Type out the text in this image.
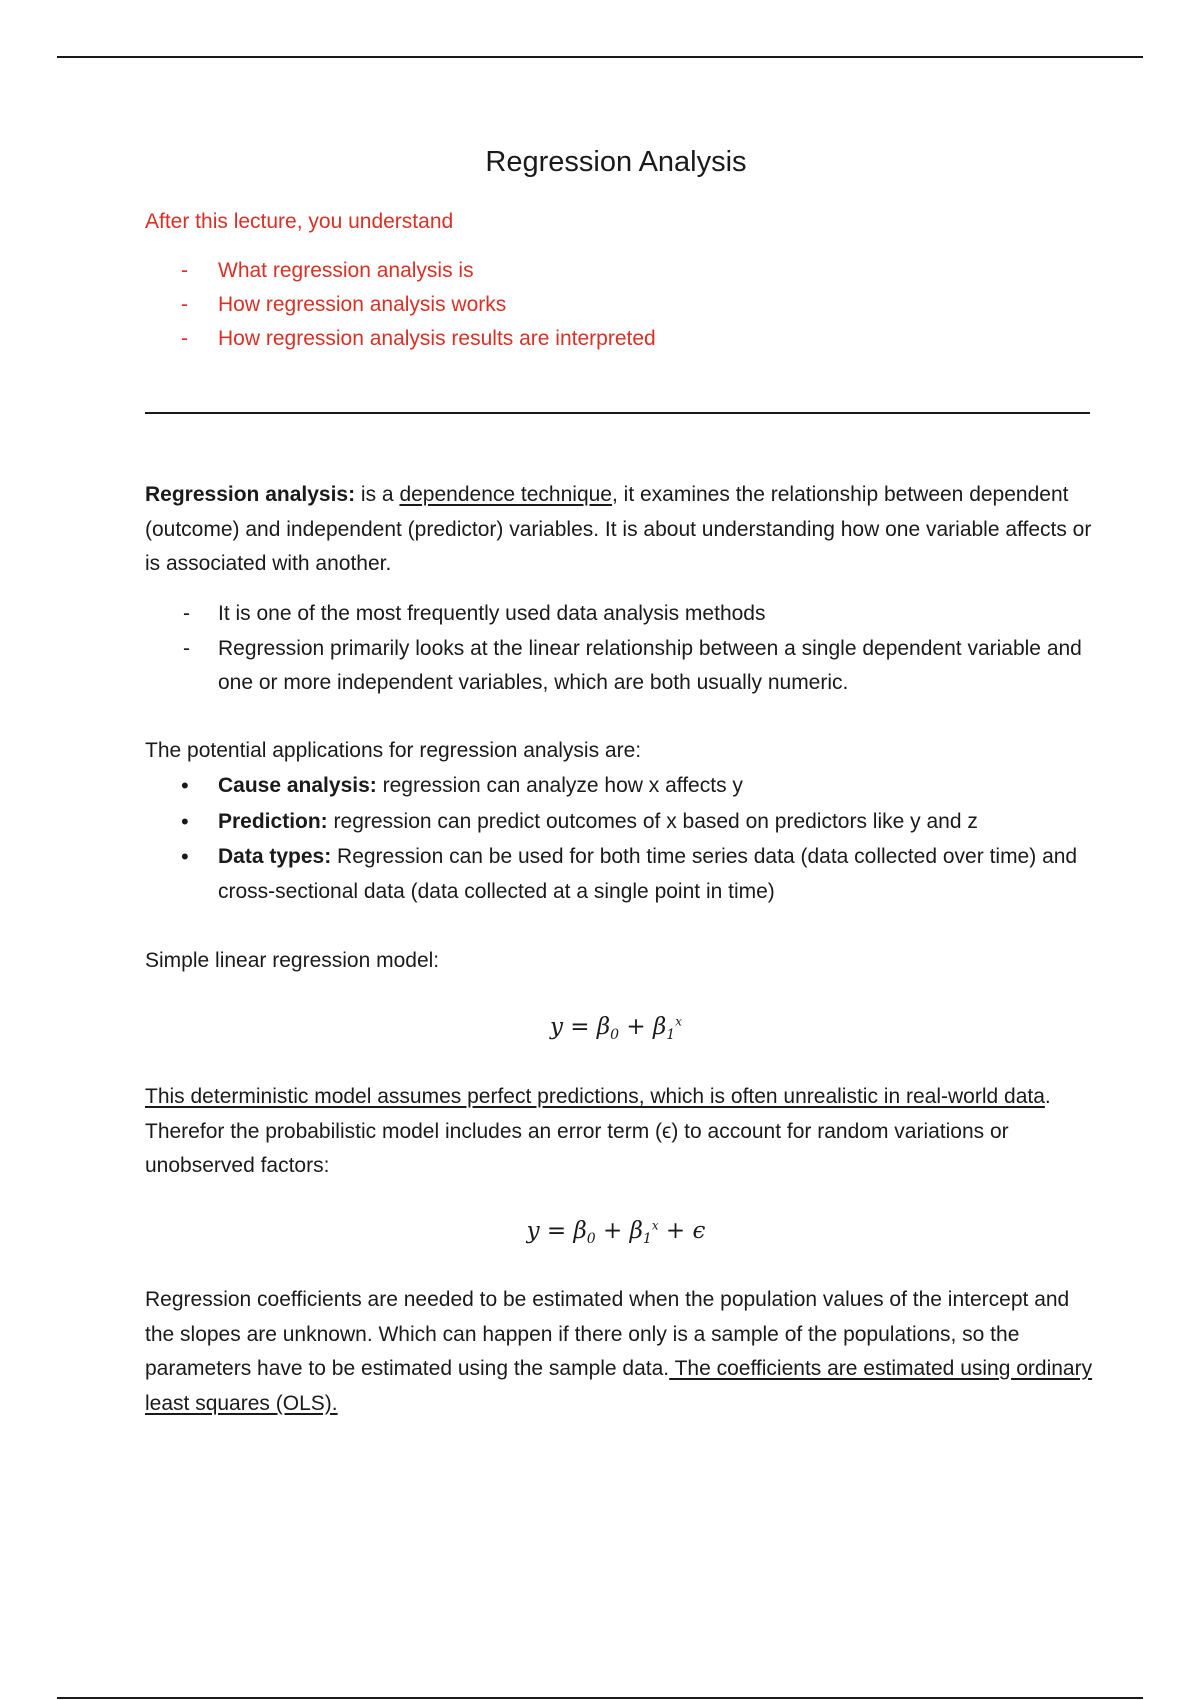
Regression Analysis
After this lecture, you understand
- What regression analysis is
- How regression analysis works
- How regression analysis results are interpreted

Regression analysis: is a dependence technique, it examines the relationship between dependent (outcome) and independent (predictor) variables. It is about understanding how one variable affects or is associated with another.

- It is one of the most frequently used data analysis methods
- Regression primarily looks at the linear relationship between a single dependent variable and one or more independent variables, which are both usually numeric.

The potential applications for regression analysis are:

• Cause analysis: regression can analyze how x affects y
• Prediction: regression can predict outcomes of x based on predictors like y and z
• Data types: Regression can be used for both time series data (data collected over time) and cross-sectional data (data collected at a single point in time)

Simple linear regression model:

$y = \beta_0 + \beta_1^x$

This deterministic model assumes perfect predictions, which is often unrealistic in real-world data. Therefor the probabilistic model includes an error term (ϵ) to account for random variations or unobserved factors:

$y = \beta_0 + \beta_1^x + \epsilon$

Regression coefficients are needed to be estimated when the population values of the intercept and the slopes are unknown. Which can happen if there only is a sample of the populations, so the parameters have to be estimated using the sample data. The coefficients are estimated using ordinary least squares (OLS).
